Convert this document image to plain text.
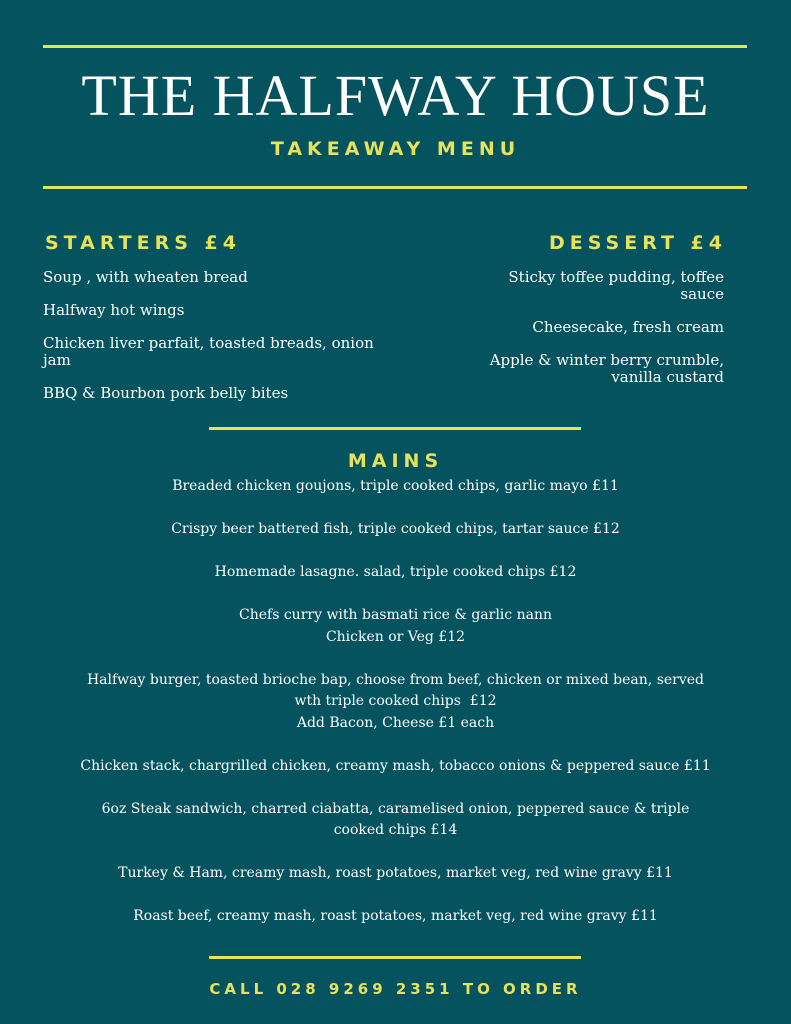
THE HALFWAY HOUSE
TAKEAWAY MENU
STARTERS £4
Soup , with wheaten bread
Halfway hot wings
Chicken liver parfait, toasted breads, onion jam
BBQ & Bourbon pork belly bites
DESSERT £4
Sticky toffee pudding, toffee sauce
Cheesecake, fresh cream
Apple & winter berry crumble, vanilla custard
MAINS
Breaded chicken goujons, triple cooked chips, garlic mayo £11
Crispy beer battered fish, triple cooked chips, tartar sauce £12
Homemade lasagne. salad, triple cooked chips £12
Chefs curry with basmati rice & garlic nann
Chicken or Veg £12
Halfway burger, toasted brioche bap, choose from beef, chicken or mixed bean, served
wth triple cooked chips  £12
Add Bacon, Cheese £1 each
Chicken stack, chargrilled chicken, creamy mash, tobacco onions & peppered sauce £11
6oz Steak sandwich, charred ciabatta, caramelised onion, peppered sauce & triple
cooked chips £14
Turkey & Ham, creamy mash, roast potatoes, market veg, red wine gravy £11
Roast beef, creamy mash, roast potatoes, market veg, red wine gravy £11
CALL 028 9269 2351 TO ORDER
